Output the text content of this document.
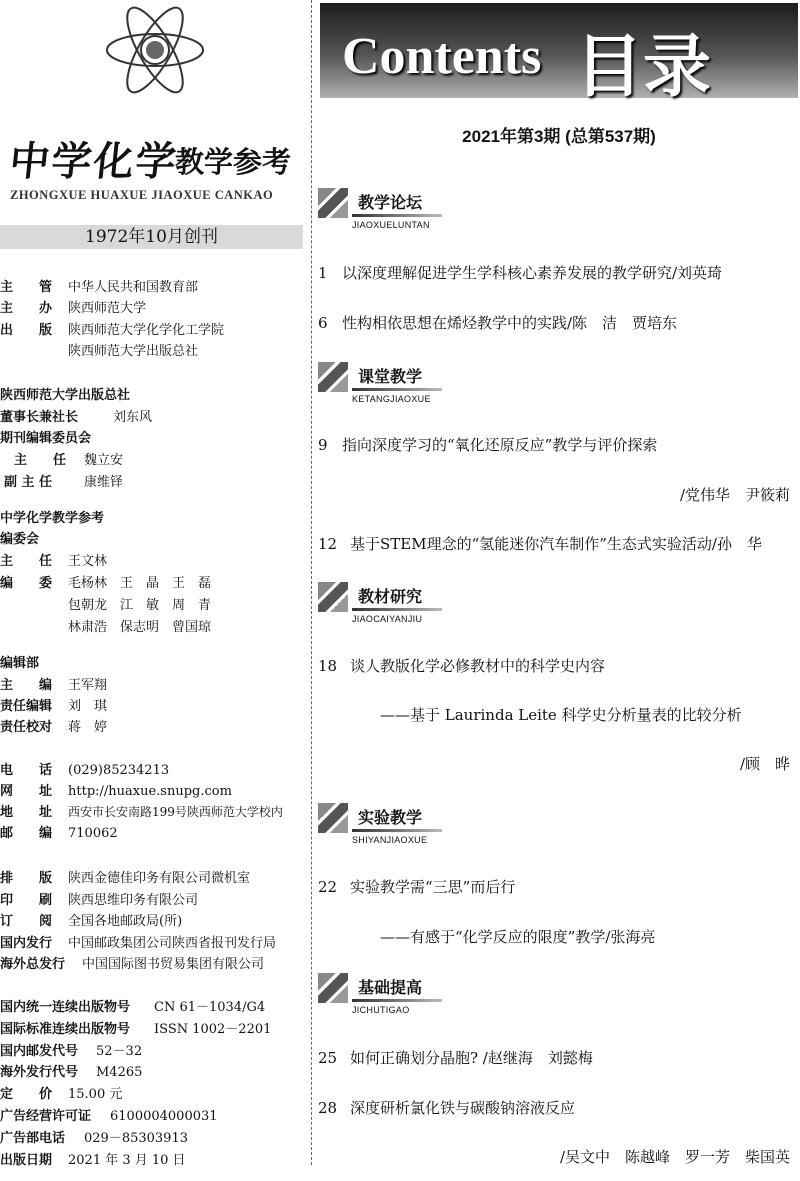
中学化学
教学参考
ZHONGXUE HUAXUE JIAOXUE CANKAO
1972年10月创刊
主　　管 中华人民共和国教育部
主　　办 陕西师范大学
出　　版 陕西师范大学化学化工学院
陕西师范大学出版总社
陕西师范大学出版总社
董事长兼社长	刘东风
期刊编辑委员会
主　　任 魏立安
副 主 任 康维铎
中学化学教学参考
编委会
主　　任 王文林
编　　委 毛杨林　王　晶　王　磊
包朝龙　江　敏　周　青
林肃浩　保志明　曾国琼
编辑部
主　　编 王军翔
责任编辑 刘　琪
责任校对 蒋　婷
电　　话 (029)85234213
网　　址 http://huaxue.snupg.com
地　　址 西安市长安南路199号陕西师范大学校内
邮　　编 710062
排　　版 陕西金德佳印务有限公司微机室
印　　刷 陕西思维印务有限公司
订　　阅 全国各地邮政局(所)
国内发行 中国邮政集团公司陕西省报刊发行局
海外总发行 中国国际图书贸易集团有限公司
国内统一连续出版物号 CN 61－1034/G4
国际标准连续出版物号 ISSN 1002－2201
国内邮发代号 52－32
海外发行代号 M4265
定　　价 15.00 元
广告经营许可证 6100004000031
广告部电话 029－85303913
出版日期 2021 年 3 月 10 日
Contents 目录
2021年第3期 (总第537期)
教学论坛
JIAOXUELUNTAN
1 以深度理解促进学生学科核心素养发展的教学研究/刘英琦
6 性构相依思想在烯烃教学中的实践/陈　洁　贾培东
课堂教学
KETANGJIAOXUE
9 指向深度学习的“氧化还原反应”教学与评价探索
/党伟华　尹筱莉
12 基于STEM理念的“氢能迷你汽车制作”生态式实验活动/孙　华
教材研究
JIAOCAIYANJIU
18 谈人教版化学必修教材中的科学史内容
——基于 Laurinda Leite 科学史分析量表的比较分析
/顾　晔
实验教学
SHIYANJIAOXUE
22 实验教学需“三思”而后行
——有感于“化学反应的限度”教学/张海亮
基础提高
JICHUTIGAO
25 如何正确划分晶胞? /赵继海　刘懿梅
28 深度研析氯化铁与碳酸钠溶液反应
/吴文中　陈越峰　罗一芳　柴国英
